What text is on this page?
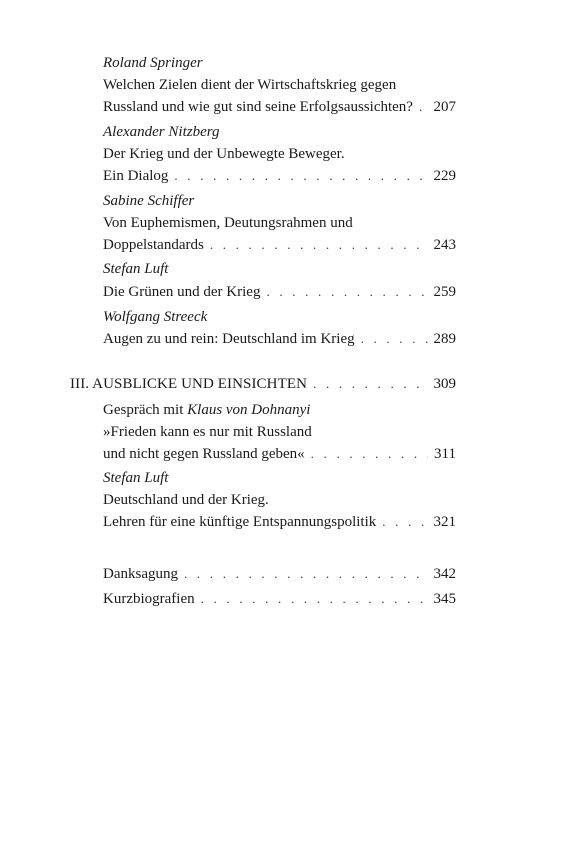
Roland Springer
Welchen Zielen dient der Wirtschaftskrieg gegen
Russland und wie gut sind seine Erfolgsaussichten? . . . 207
Alexander Nitzberg
Der Krieg und der Unbewegte Beweger.
Ein Dialog . . .	229
Sabine Schiffer
Von Euphemismen, Deutungsrahmen und
Doppelstandards . . .	243
Stefan Luft
Die Grünen und der Krieg . . .	259
Wolfgang Streeck
Augen zu und rein: Deutschland im Krieg . . .	289
III. AUSBLICKE UND EINSICHTEN . . .	309
Gespräch mit Klaus von Dohnanyi
»Frieden kann es nur mit Russland
und nicht gegen Russland geben« . . .	311
Stefan Luft
Deutschland und der Krieg.
Lehren für eine künftige Entspannungspolitik . . .	321
Danksagung . . .	342
Kurzbiografien . . .	345
